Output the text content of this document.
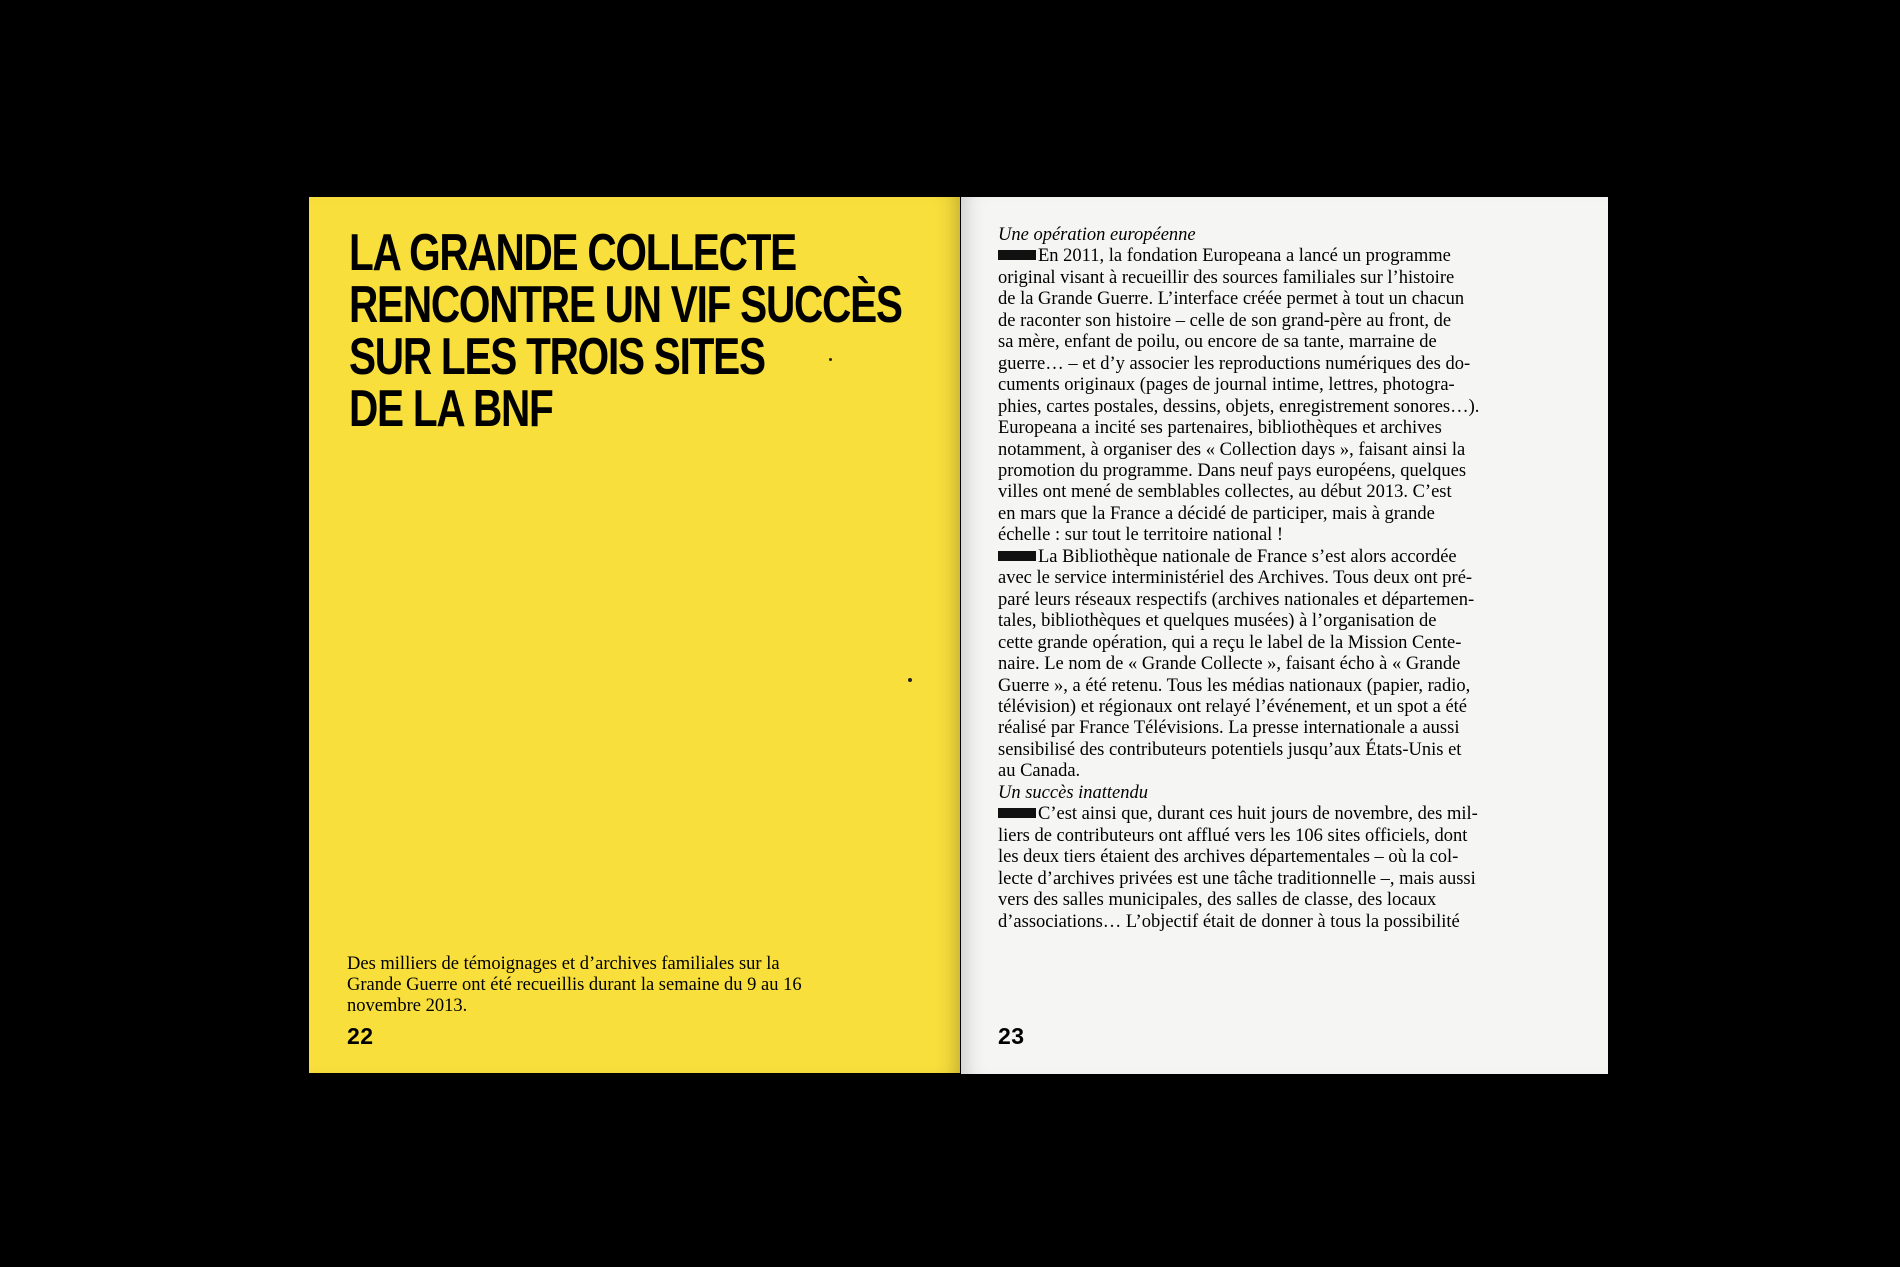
LA GRANDE COLLECTE
RENCONTRE UN VIF SUCCÈS
SUR LES TROIS SITES
DE LA BNF

Des milliers de témoignages et d’archives familiales sur la
Grande Guerre ont été recueillis durant la semaine du 9 au 16
novembre 2013.

22
Une opération européenne
En 2011, la fondation Europeana a lancé un programme
original visant à recueillir des sources familiales sur l’histoire
de la Grande Guerre. L’interface créée permet à tout un chacun
de raconter son histoire – celle de son grand-père au front, de
sa mère, enfant de poilu, ou encore de sa tante, marraine de
guerre… – et d’y associer les reproductions numériques des do-
cuments originaux (pages de journal intime, lettres, photogra-
phies, cartes postales, dessins, objets, enregistrement sonores…).
Europeana a incité ses partenaires, bibliothèques et archives
notamment, à organiser des « Collection days », faisant ainsi la
promotion du programme. Dans neuf pays européens, quelques
villes ont mené de semblables collectes, au début 2013. C’est
en mars que la France a décidé de participer, mais à grande
échelle : sur tout le territoire national !
La Bibliothèque nationale de France s’est alors accordée
avec le service interministériel des Archives. Tous deux ont pré-
paré leurs réseaux respectifs (archives nationales et départemen-
tales, bibliothèques et quelques musées) à l’organisation de
cette grande opération, qui a reçu le label de la Mission Cente-
naire. Le nom de « Grande Collecte », faisant écho à « Grande
Guerre », a été retenu. Tous les médias nationaux (papier, radio,
télévision) et régionaux ont relayé l’événement, et un spot a été
réalisé par France Télévisions. La presse internationale a aussi
sensibilisé des contributeurs potentiels jusqu’aux États-Unis et
au Canada.
Un succès inattendu
C’est ainsi que, durant ces huit jours de novembre, des mil-
liers de contributeurs ont afflué vers les 106 sites officiels, dont
les deux tiers étaient des archives départementales – où la col-
lecte d’archives privées est une tâche traditionnelle –, mais aussi
vers des salles municipales, des salles de classe, des locaux
d’associations… L’objectif était de donner à tous la possibilité
23
